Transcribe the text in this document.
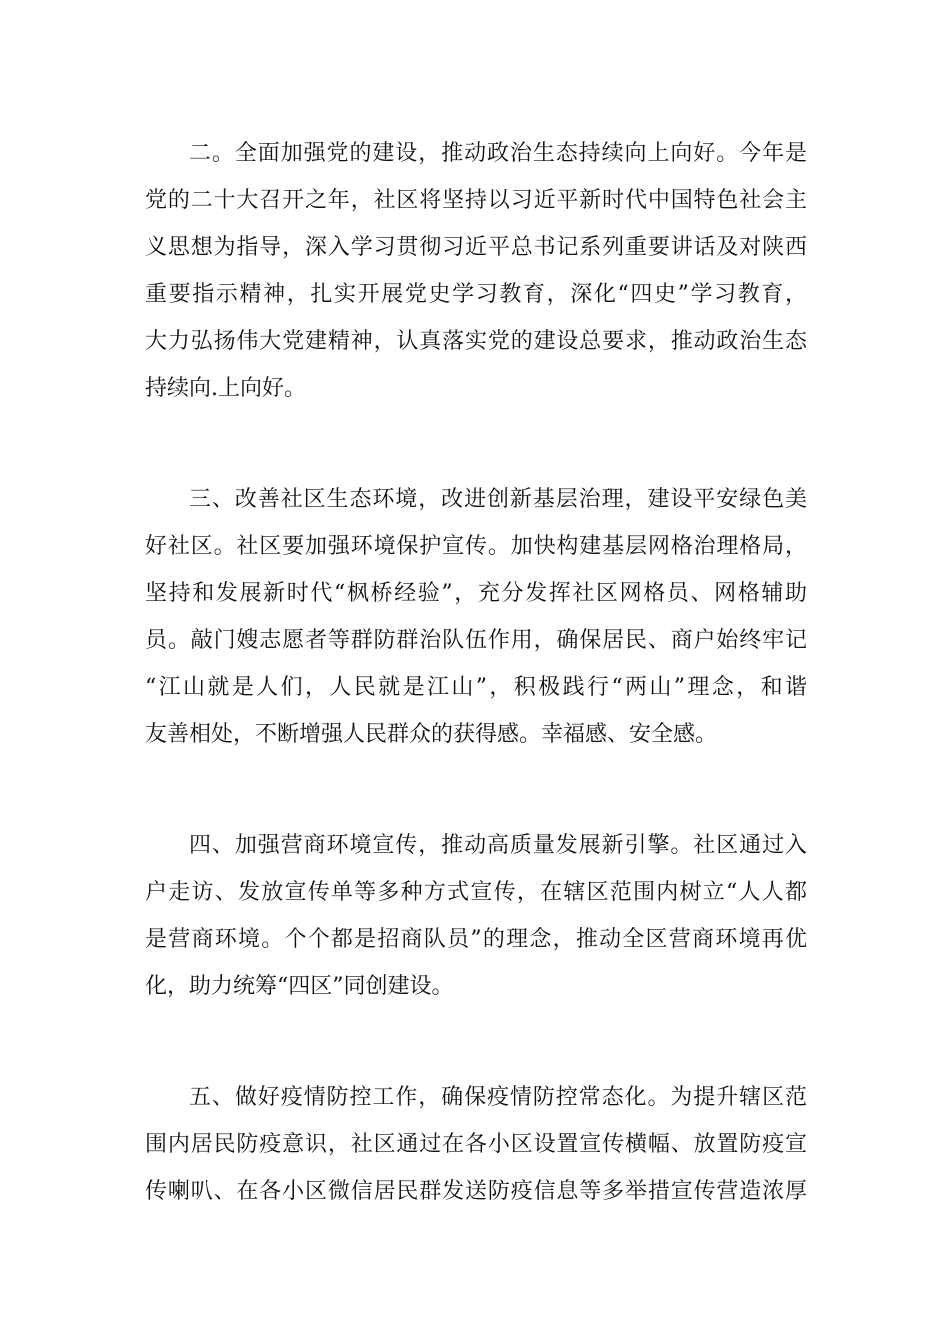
二。全面加强党的建设，推动政治生态持续向上向好。今年是
党的二十大召开之年，社区将坚持以习近平新时代中国特色社会主
义思想为指导，深入学习贯彻习近平总书记系列重要讲话及对陕西
重要指示精神，扎实开展党史学习教育，深化“四史”学习教育，
大力弘扬伟大党建精神，认真落实党的建设总要求，推动政治生态
持续向.上向好。
三、改善社区生态环境，改进创新基层治理，建设平安绿色美
好社区。社区要加强环境保护宣传。加快构建基层网格治理格局，
坚持和发展新时代“枫桥经验”，充分发挥社区网格员、网格辅助
员。敲门嫂志愿者等群防群治队伍作用，确保居民、商户始终牢记
“江山就是人们，人民就是江山”，积极践行“两山”理念，和谐
友善相处，不断增强人民群众的获得感。幸福感、安全感。
四、加强营商环境宣传，推动高质量发展新引擎。社区通过入
户走访、发放宣传单等多种方式宣传，在辖区范围内树立“人人都
是营商环境。个个都是招商队员”的理念，推动全区营商环境再优
化，助力统筹“四区”同创建设。
五、做好疫情防控工作，确保疫情防控常态化。为提升辖区范
围内居民防疫意识，社区通过在各小区设置宣传横幅、放置防疫宣
传喇叭、在各小区微信居民群发送防疫信息等多举措宣传营造浓厚
